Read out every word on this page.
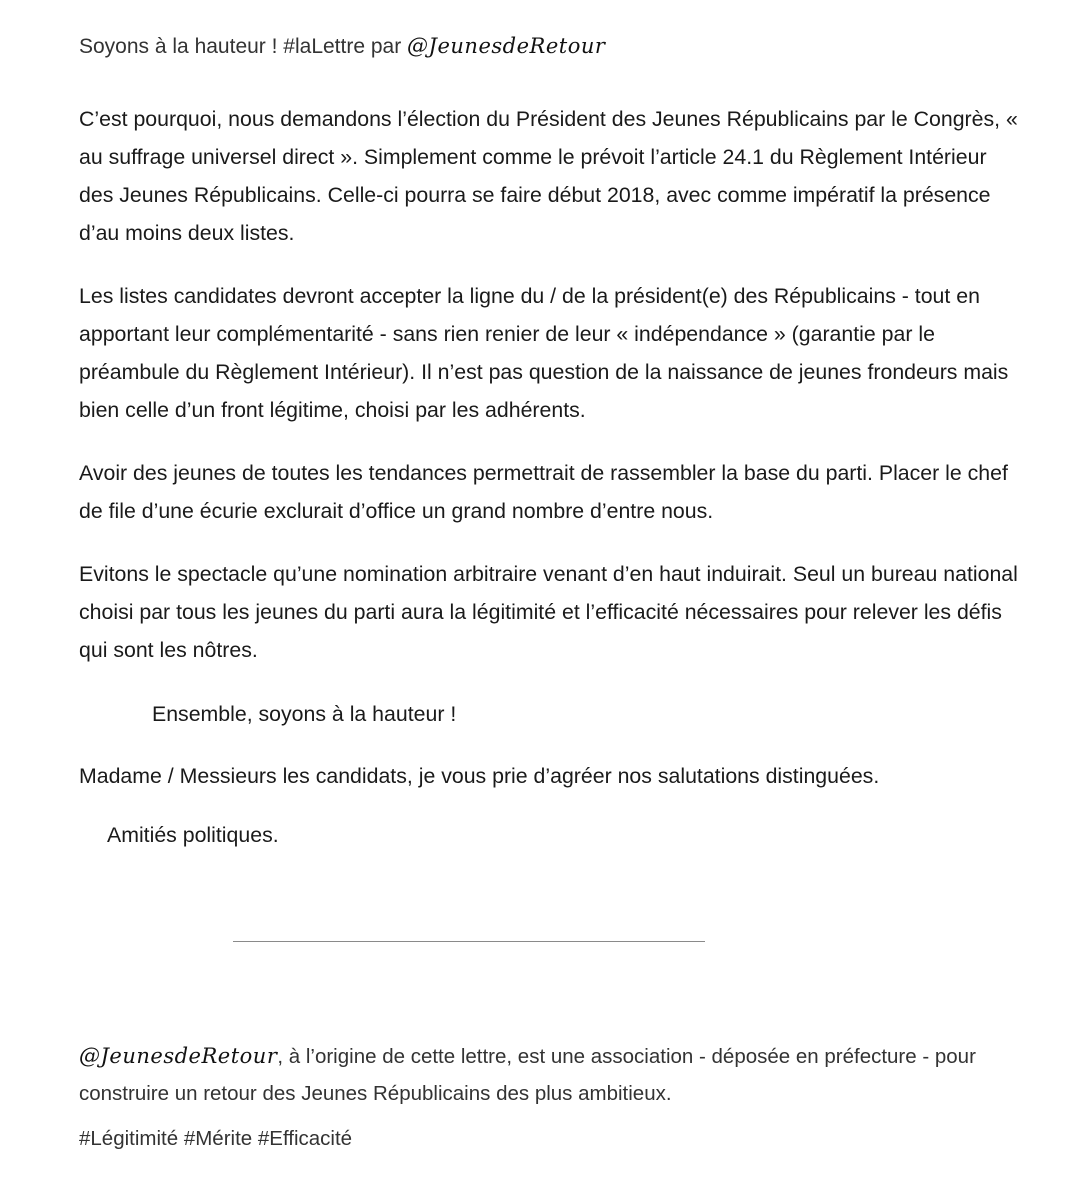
Soyons à la hauteur ! #laLettre par @JeunesdeRetour

C’est pourquoi, nous demandons l’élection du Président des Jeunes Républicains par le Congrès, « au suffrage universel direct ». Simplement comme le prévoit l’article 24.1 du Règlement Intérieur des Jeunes Républicains. Celle-ci pourra se faire début 2018, avec comme impératif la présence d’au moins deux listes.

Les listes candidates devront accepter la ligne du / de la président(e) des Républicains - tout en apportant leur complémentarité - sans rien renier de leur « indépendance » (garantie par le préambule du Règlement Intérieur). Il n’est pas question de la naissance de jeunes frondeurs mais bien celle d’un front légitime, choisi par les adhérents.

Avoir des jeunes de toutes les tendances permettrait de rassembler la base du parti. Placer le chef de file d’une écurie exclurait d’office un grand nombre d’entre nous.

Evitons le spectacle qu’une nomination arbitraire venant d’en haut induirait. Seul un bureau national choisi par tous les jeunes du parti aura la légitimité et l’efficacité nécessaires pour relever les défis qui sont les nôtres.

Ensemble, soyons à la hauteur !
Madame / Messieurs les candidats, je vous prie d’agréer nos salutations distinguées.
Amitiés politiques.

@JeunesdeRetour, à l’origine de cette lettre, est une association - déposée en préfecture - pour construire un retour des Jeunes Républicains des plus ambitieux.

#Légitimité #Mérite #Efficacité
